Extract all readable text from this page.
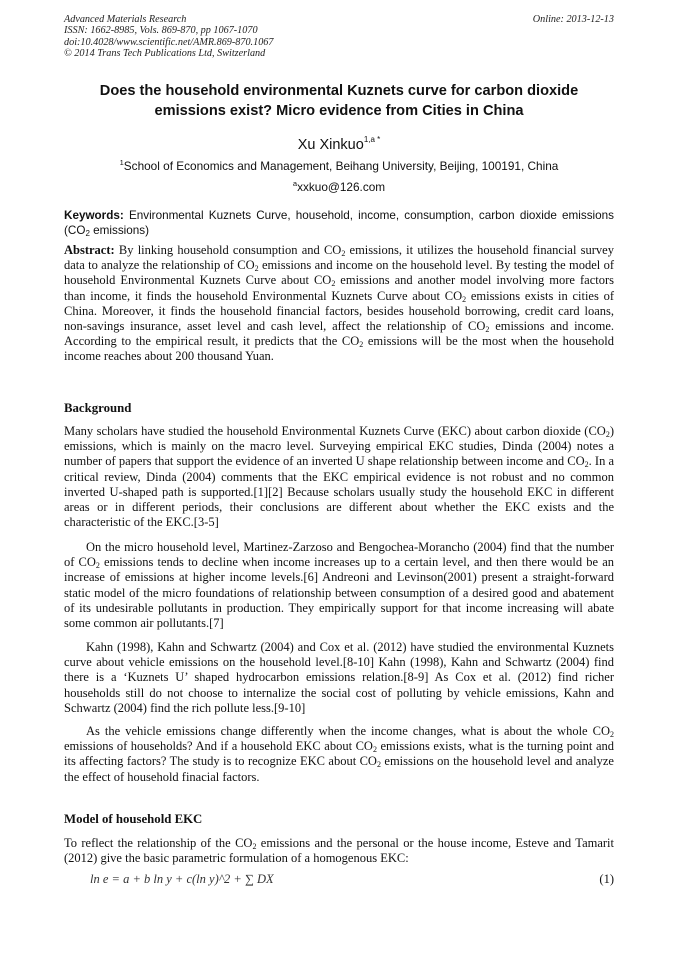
Advanced Materials Research
ISSN: 1662-8985, Vols. 869-870, pp 1067-1070
doi:10.4028/www.scientific.net/AMR.869-870.1067
© 2014 Trans Tech Publications Ltd, Switzerland
Online: 2013-12-13
Does the household environmental Kuznets curve for carbon dioxide
emissions exist? Micro evidence from Cities in China
Xu Xinkuo$^{1,a *}$
$^1$School of Economics and Management, Beihang University, Beijing, 100191, China
$^a$xxkuo@126.com
Keywords: Environmental Kuznets Curve, household, income, consumption, carbon dioxide emissions ($CO_2$ emissions)
Abstract: By linking household consumption and $CO_2$ emissions, it utilizes the household financial survey data to analyze the relationship of $CO_2$ emissions and income on the household level. By testing the model of household Environmental Kuznets Curve about $CO_2$ emissions and another model involving more factors than income, it finds the household Environmental Kuznets Curve about $CO_2$ emissions exists in cities of China. Moreover, it finds the household financial factors, besides household borrowing, credit card loans, non-savings insurance, asset level and cash level, affect the relationship of $CO_2$ emissions and income. According to the empirical result, it predicts that the $CO_2$ emissions will be the most when the household income reaches about 200 thousand Yuan.
Background

Many scholars have studied the household Environmental Kuznets Curve (EKC) about carbon dioxide $(CO_2)$ emissions, which is mainly on the macro level. Surveying empirical EKC studies, Dinda (2004) notes a number of papers that support the evidence of an inverted U shape relationship between income and $CO_2$. In a critical review, Dinda (2004) comments that the EKC empirical evidence is not robust and no common inverted U-shaped path is supported.[1][2] Because scholars usually study the household EKC in different areas or in different periods, their conclusions are different about whether the EKC exists and the characteristic of the EKC.[3-5]

On the micro household level, Martinez-Zarzoso and Bengochea-Morancho (2004) find that the number of $CO_2$ emissions tends to decline when income increases up to a certain level, and then there would be an increase of emissions at higher income levels.[6] Andreoni and Levinson(2001) present a straight-forward static model of the micro foundations of relationship between consumption of a desired good and abatement of its undesirable pollutants in production. They empirically support for that income increasing will abate some common air pollutants.[7]

Kahn (1998), Kahn and Schwartz (2004) and Cox et al. (2012) have studied the environmental Kuznets curve about vehicle emissions on the household level.[8-10] Kahn (1998), Kahn and Schwartz (2004) find there is a ‘Kuznets U’ shaped hydrocarbon emissions relation.[8-9] As Cox et al. (2012) find richer households still do not choose to internalize the social cost of polluting by vehicle emissions, Kahn and Schwartz (2004) find the rich pollute less.[9-10]

As the vehicle emissions change differently when the income changes, what is about the whole $CO_2$ emissions of households? And if a household EKC about $CO_2$ emissions exists, what is the turning point and its affecting factors? The study is to recognize EKC about $CO_2$ emissions on the household level and analyze the effect of household finacial factors.

Model of household EKC

To reflect the relationship of the $CO_2$ emissions and the personal or the house income, Esteve and Tamarit (2012) give the basic parametric formulation of a homogenous EKC:

ln e = a + b ln y + c(ln y)^2 + ∑ DX	(1)
